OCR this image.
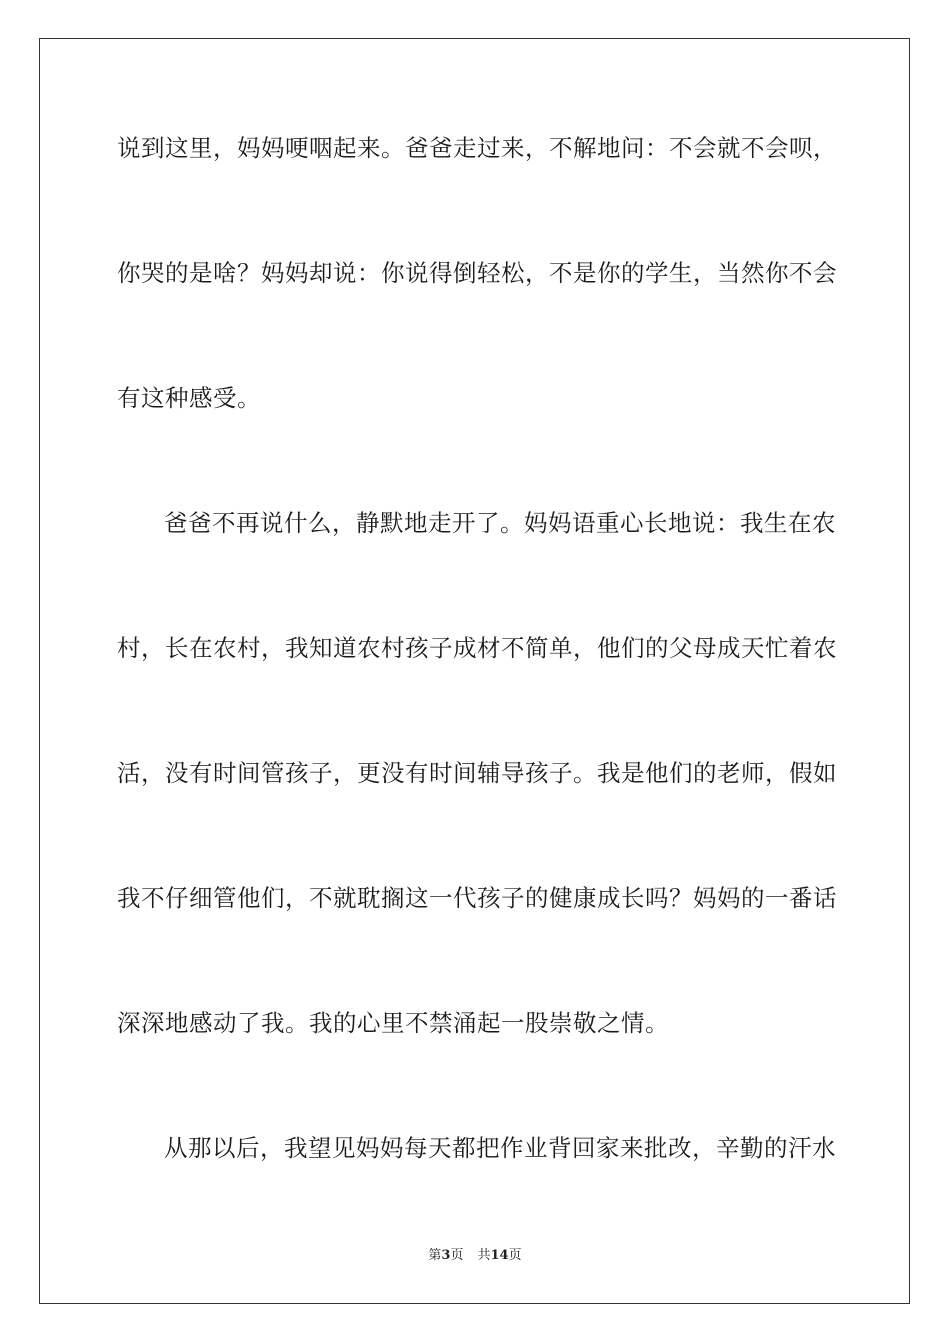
说到这里，妈妈哽咽起来。爸爸走过来，不解地问：不会就不会呗，
你哭的是啥？妈妈却说：你说得倒轻松，不是你的学生，当然你不会
有这种感受。
爸爸不再说什么，静默地走开了。妈妈语重心长地说：我生在农
村，长在农村，我知道农村孩子成材不简单，他们的父母成天忙着农
活，没有时间管孩子，更没有时间辅导孩子。我是他们的老师，假如
我不仔细管他们，不就耽搁这一代孩子的健康成长吗？妈妈的一番话
深深地感动了我。我的心里不禁涌起一股崇敬之情。
从那以后，我望见妈妈每天都把作业背回家来批改，辛勤的汗水
第3页 共14页
